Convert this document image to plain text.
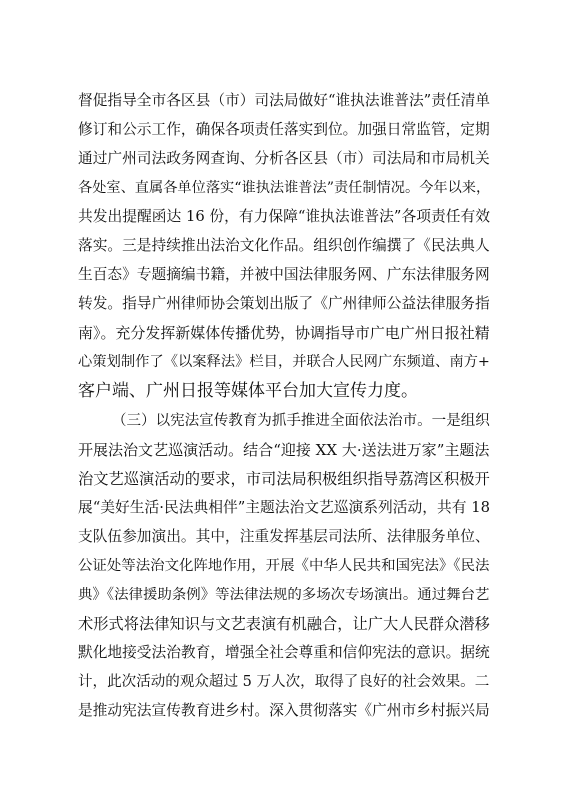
督促指导全市各区县（市）司法局做好“谁执法谁普法”责任清单
修订和公示工作，确保各项责任落实到位。加强日常监管，定期
通过广州司法政务网查询、分析各区县（市）司法局和市局机关
各处室、直属各单位落实“谁执法谁普法”责任制情况。今年以来，
共发出提醒函达 16 份，有力保障“谁执法谁普法”各项责任有效
落实。三是持续推出法治文化作品。组织创作编撰了《民法典人
生百态》专题摘编书籍，并被中国法律服务网、广东法律服务网
转发。指导广州律师协会策划出版了《广州律师公益法律服务指
南》。充分发挥新媒体传播优势，协调指导市广电广州日报社精
心策划制作了《以案释法》栏目，并联合人民网广东频道、南方+
客户端、广州日报等媒体平台加大宣传力度。
（三）以宪法宣传教育为抓手推进全面依法治市。一是组织
开展法治文艺巡演活动。结合“迎接 XX 大·送法进万家”主题法
治文艺巡演活动的要求，市司法局积极组织指导荔湾区积极开
展“美好生活·民法典相伴”主题法治文艺巡演系列活动，共有 18
支队伍参加演出。其中，注重发挥基层司法所、法律服务单位、
公证处等法治文化阵地作用，开展《中华人民共和国宪法》《民法
典》《法律援助条例》等法律法规的多场次专场演出。通过舞台艺
术形式将法律知识与文艺表演有机融合，让广大人民群众潜移
默化地接受法治教育，增强全社会尊重和信仰宪法的意识。据统
计，此次活动的观众超过 5 万人次，取得了良好的社会效果。二
是推动宪法宣传教育进乡村。深入贯彻落实《广州市乡村振兴局
